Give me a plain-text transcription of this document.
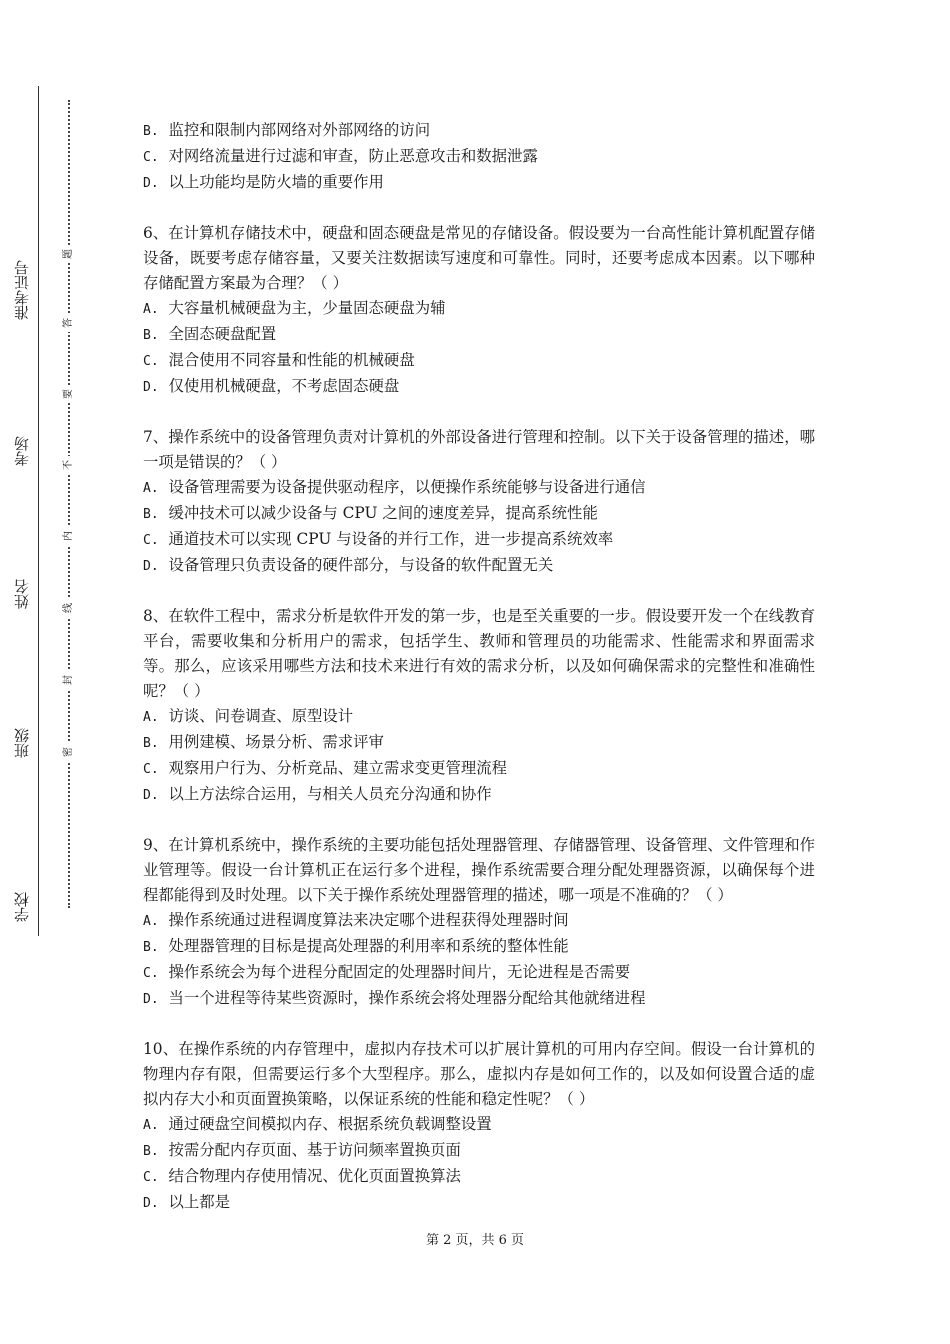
准考证号
考场
姓名
班级
学校
题
答
要
不
内
线
封
密

B. 监控和限制内部网络对外部网络的访问

C. 对网络流量进行过滤和审查，防止恶意攻击和数据泄露

D. 以上功能均是防火墙的重要作用

6、在计算机存储技术中，硬盘和固态硬盘是常见的存储设备。假设要为一台高性能计算机配置存储设备，既要考虑存储容量，又要关注数据读写速度和可靠性。同时，还要考虑成本因素。以下哪种存储配置方案最为合理？（ ）

A. 大容量机械硬盘为主，少量固态硬盘为辅

B. 全固态硬盘配置

C. 混合使用不同容量和性能的机械硬盘

D. 仅使用机械硬盘，不考虑固态硬盘

7、操作系统中的设备管理负责对计算机的外部设备进行管理和控制。以下关于设备管理的描述，哪一项是错误的？（ ）

A. 设备管理需要为设备提供驱动程序，以便操作系统能够与设备进行通信

B. 缓冲技术可以减少设备与 CPU 之间的速度差异，提高系统性能

C. 通道技术可以实现 CPU 与设备的并行工作，进一步提高系统效率

D. 设备管理只负责设备的硬件部分，与设备的软件配置无关

8、在软件工程中，需求分析是软件开发的第一步，也是至关重要的一步。假设要开发一个在线教育平台，需要收集和分析用户的需求，包括学生、教师和管理员的功能需求、性能需求和界面需求等。那么，应该采用哪些方法和技术来进行有效的需求分析，以及如何确保需求的完整性和准确性呢？（ ）

A. 访谈、问卷调查、原型设计

B. 用例建模、场景分析、需求评审

C. 观察用户行为、分析竞品、建立需求变更管理流程

D. 以上方法综合运用，与相关人员充分沟通和协作

9、在计算机系统中，操作系统的主要功能包括处理器管理、存储器管理、设备管理、文件管理和作业管理等。假设一台计算机正在运行多个进程，操作系统需要合理分配处理器资源，以确保每个进程都能得到及时处理。以下关于操作系统处理器管理的描述，哪一项是不准确的？（ ）

A. 操作系统通过进程调度算法来决定哪个进程获得处理器时间

B. 处理器管理的目标是提高处理器的利用率和系统的整体性能

C. 操作系统会为每个进程分配固定的处理器时间片，无论进程是否需要

D. 当一个进程等待某些资源时，操作系统会将处理器分配给其他就绪进程

10、在操作系统的内存管理中，虚拟内存技术可以扩展计算机的可用内存空间。假设一台计算机的物理内存有限，但需要运行多个大型程序。那么，虚拟内存是如何工作的，以及如何设置合适的虚拟内存大小和页面置换策略，以保证系统的性能和稳定性呢？（ ）

A. 通过硬盘空间模拟内存、根据系统负载调整设置

B. 按需分配内存页面、基于访问频率置换页面

C. 结合物理内存使用情况、优化页面置换算法

D. 以上都是

第 2 页，共 6 页
